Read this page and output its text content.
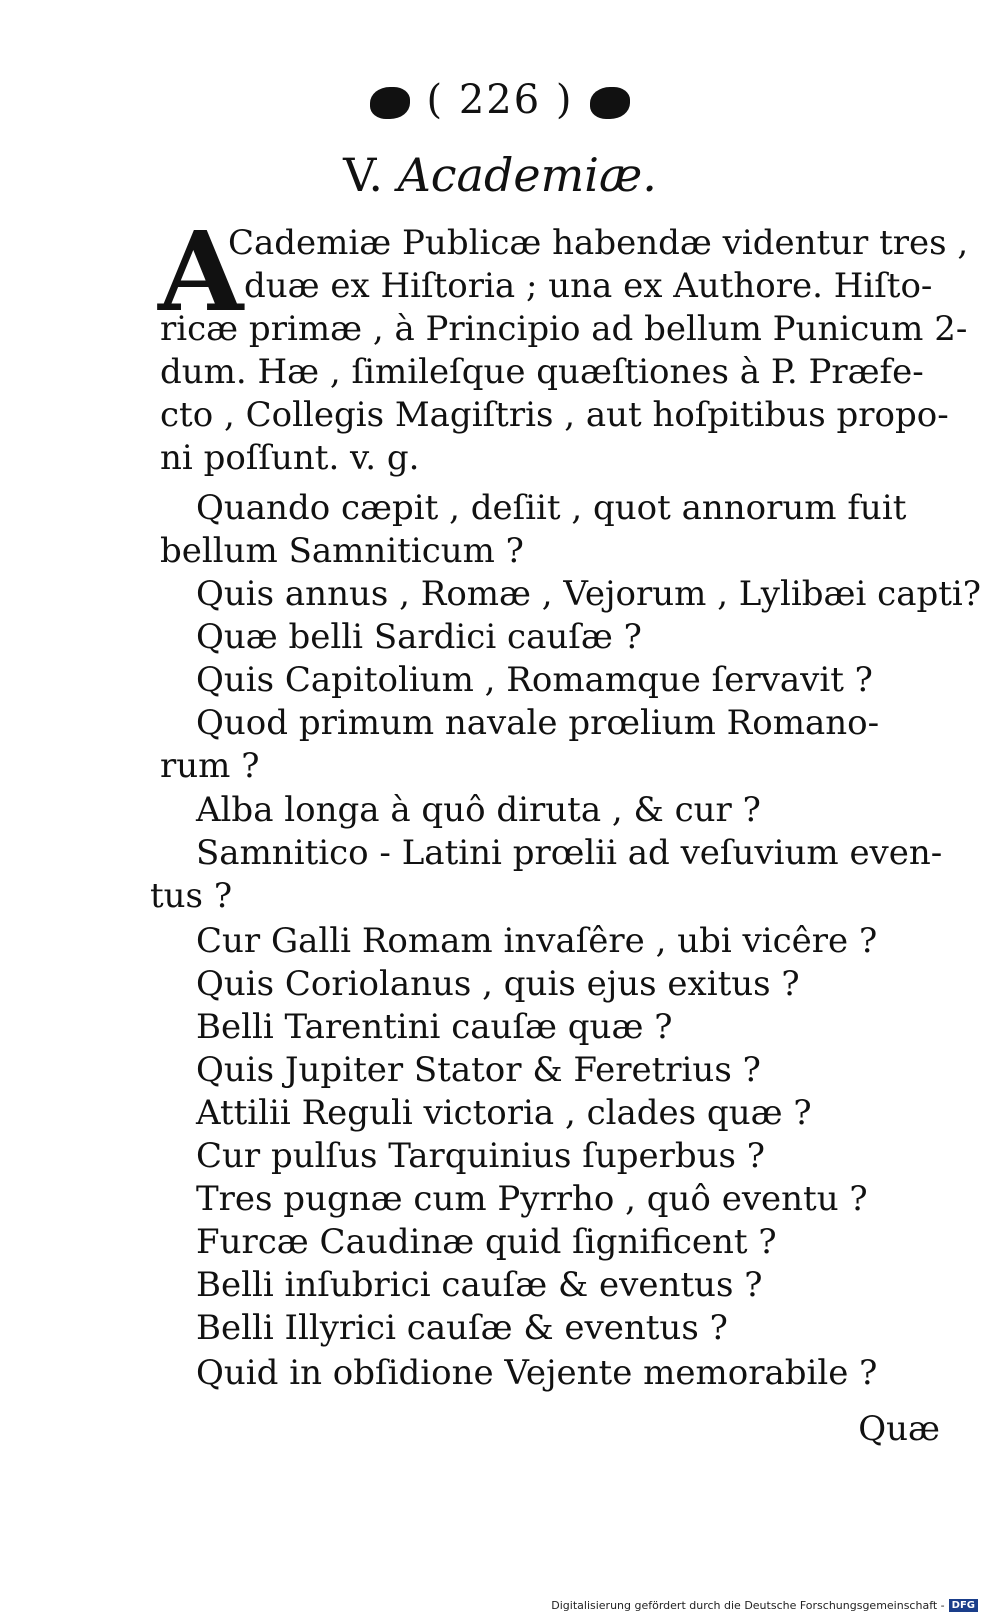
( 226 )
V. Academiæ.
A
Cademiæ Publicæ habendæ videntur tres ,
duæ ex Hiſtoria ; una ex Authore. Hiſto-
ricæ primæ , à Principio ad bellum Punicum 2-
dum. Hæ , ſimileſque quæſtiones à P. Præfe-
cto , Collegis Magiſtris , aut hoſpitibus propo-
ni poſſunt. v. g.
Quando cæpit , deſiit , quot annorum fuit
bellum Samniticum ?
Quis annus , Romæ , Vejorum , Lylibæi capti?
Quæ belli Sardici cauſæ ?
Quis Capitolium , Romamque ſervavit ?
Quod primum navale prœlium Romano-
rum ?
Alba longa à quô diruta , & cur ?
Samnitico - Latini prœlii ad veſuvium even-
tus ?
Cur Galli Romam invaſêre , ubi vicêre ?
Quis Coriolanus , quis ejus exitus ?
Belli Tarentini cauſæ quæ ?
Quis Jupiter Stator & Feretrius ?
Attilii Reguli victoria , clades quæ ?
Cur pulſus Tarquinius ſuperbus ?
Tres pugnæ cum Pyrrho , quô eventu ?
Furcæ Caudinæ quid ſignificent ?
Belli inſubrici cauſæ & eventus ?
Belli Illyrici cauſæ & eventus ?
Quid in obſidione Vejente memorabile ?
Quæ
Digitalisierung gefördert durch die Deutsche Forschungsgemeinschaft - DFG
